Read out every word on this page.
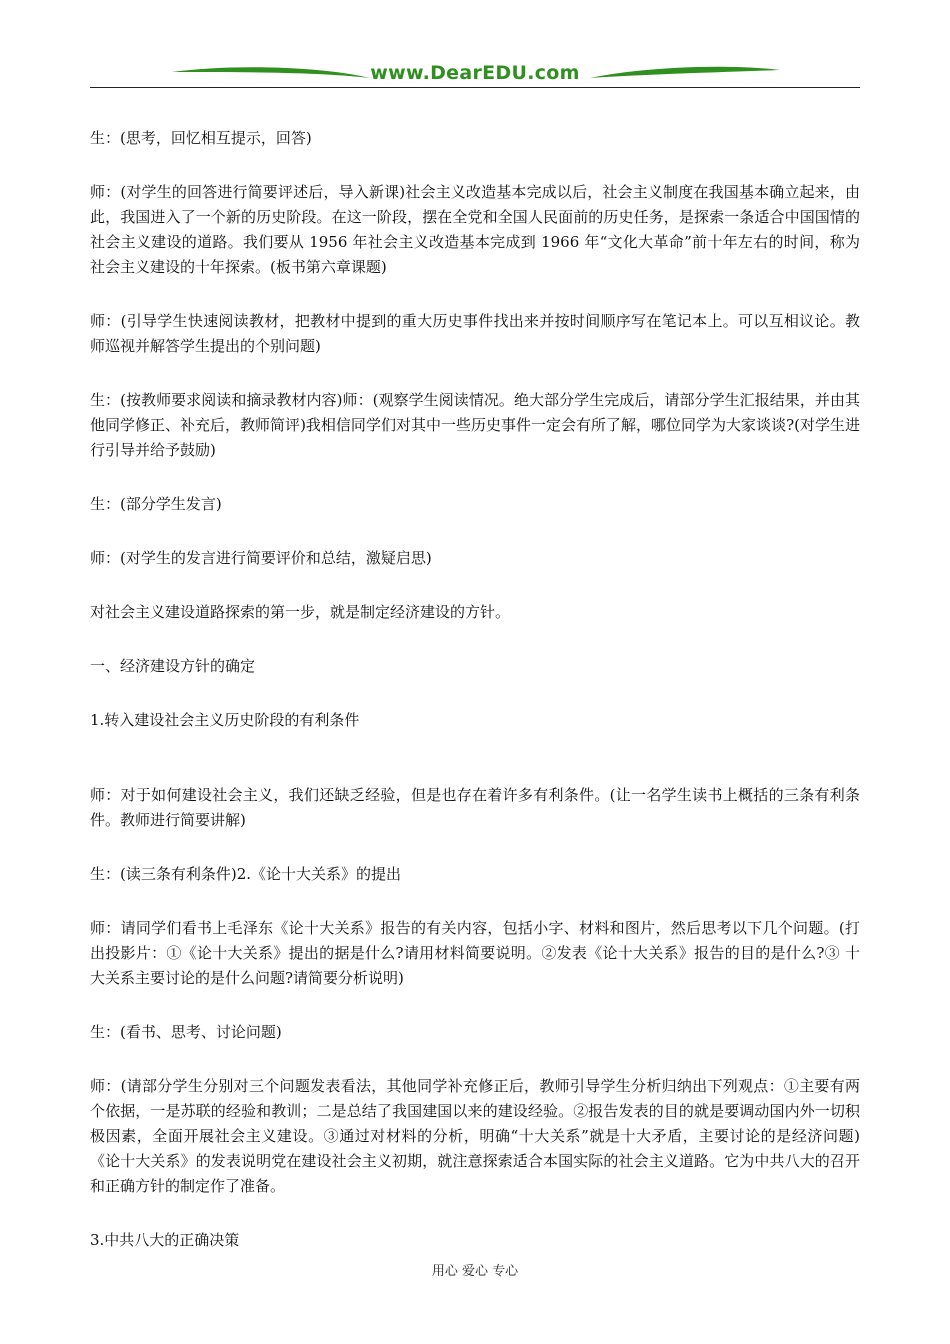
www.DearEDU.com

生：(思考，回忆相互提示，回答)

师：(对学生的回答进行简要评述后，导入新课)社会主义改造基本完成以后，社会主义制度在我国基本确立起来，由此，我国进入了一个新的历史阶段。在这一阶段，摆在全党和全国人民面前的历史任务，是探索一条适合中国国情的社会主义建设的道路。我们要从 1956 年社会主义改造基本完成到 1966 年“文化大革命”前十年左右的时间，称为社会主义建设的十年探索。(板书第六章课题)

师：(引导学生快速阅读教材，把教材中提到的重大历史事件找出来并按时间顺序写在笔记本上。可以互相议论。教师巡视并解答学生提出的个别问题)

生：(按教师要求阅读和摘录教材内容)师：(观察学生阅读情况。绝大部分学生完成后，请部分学生汇报结果，并由其他同学修正、补充后，教师简评)我相信同学们对其中一些历史事件一定会有所了解，哪位同学为大家谈谈?(对学生进行引导并给予鼓励)

生：(部分学生发言)

师：(对学生的发言进行简要评价和总结，激疑启思)

对社会主义建设道路探索的第一步，就是制定经济建设的方针。

一、经济建设方针的确定

1.转入建设社会主义历史阶段的有利条件

师：对于如何建设社会主义，我们还缺乏经验，但是也存在着许多有利条件。(让一名学生读书上概括的三条有利条件。教师进行简要讲解)

生：(读三条有利条件)2.《论十大关系》的提出

师：请同学们看书上毛泽东《论十大关系》报告的有关内容，包括小字、材料和图片，然后思考以下几个问题。(打出投影片：①《论十大关系》提出的据是什么?请用材料简要说明。②发表《论十大关系》报告的目的是什么?③ 十大关系主要讨论的是什么问题?请简要分析说明)

生：(看书、思考、讨论问题)

师：(请部分学生分别对三个问题发表看法，其他同学补充修正后，教师引导学生分析归纳出下列观点：①主要有两个依据，一是苏联的经验和教训；二是总结了我国建国以来的建设经验。②报告发表的目的就是要调动国内外一切积极因素，全面开展社会主义建设。③通过对材料的分析，明确“十大关系”就是十大矛盾，主要讨论的是经济问题)《论十大关系》的发表说明党在建设社会主义初期，就注意探索适合本国实际的社会主义道路。它为中共八大的召开和正确方针的制定作了准备。

3.中共八大的正确决策

用心 爱心 专心
